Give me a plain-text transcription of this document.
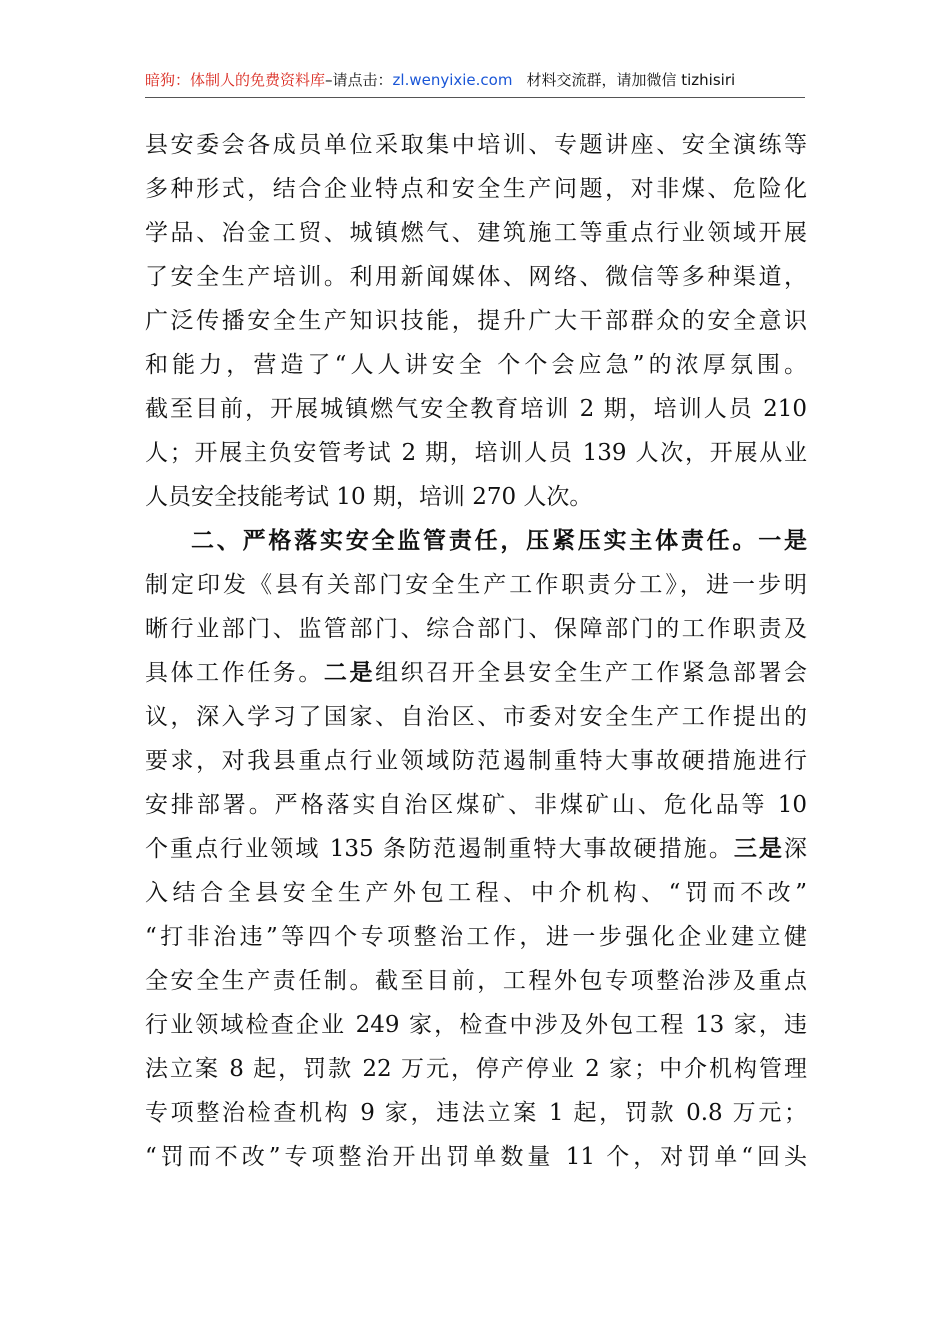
暗狗：体制人的免费资料库–请点击：zl.wenyixie.com 材料交流群，请加微信 tizhisiri
县安委会各成员单位采取集中培训、专题讲座、安全演练等
多种形式，结合企业特点和安全生产问题，对非煤、危险化
学品、冶金工贸、城镇燃气、建筑施工等重点行业领域开展
了安全生产培训。利用新闻媒体、网络、微信等多种渠道，
广泛传播安全生产知识技能，提升广大干部群众的安全意识
和能力，营造了“人人讲安全 个个会应急”的浓厚氛围。
截至目前，开展城镇燃气安全教育培训 2 期，培训人员 210
人；开展主负安管考试 2 期，培训人员 139 人次，开展从业
人员安全技能考试 10 期，培训 270 人次。
二、严格落实安全监管责任，压紧压实主体责任。一是
制定印发《县有关部门安全生产工作职责分工》，进一步明
晰行业部门、监管部门、综合部门、保障部门的工作职责及
具体工作任务。二是组织召开全县安全生产工作紧急部署会
议，深入学习了国家、自治区、市委对安全生产工作提出的
要求，对我县重点行业领域防范遏制重特大事故硬措施进行
安排部署。严格落实自治区煤矿、非煤矿山、危化品等 10
个重点行业领域 135 条防范遏制重特大事故硬措施。三是深
入结合全县安全生产外包工程、中介机构、“罚而不改”
“打非治违”等四个专项整治工作，进一步强化企业建立健
全安全生产责任制。截至目前，工程外包专项整治涉及重点
行业领域检查企业 249 家，检查中涉及外包工程 13 家，违
法立案 8 起，罚款 22 万元，停产停业 2 家；中介机构管理
专项整治检查机构 9 家，违法立案 1 起，罚款 0.8 万元；
“罚而不改”专项整治开出罚单数量 11 个，对罚单“回头
